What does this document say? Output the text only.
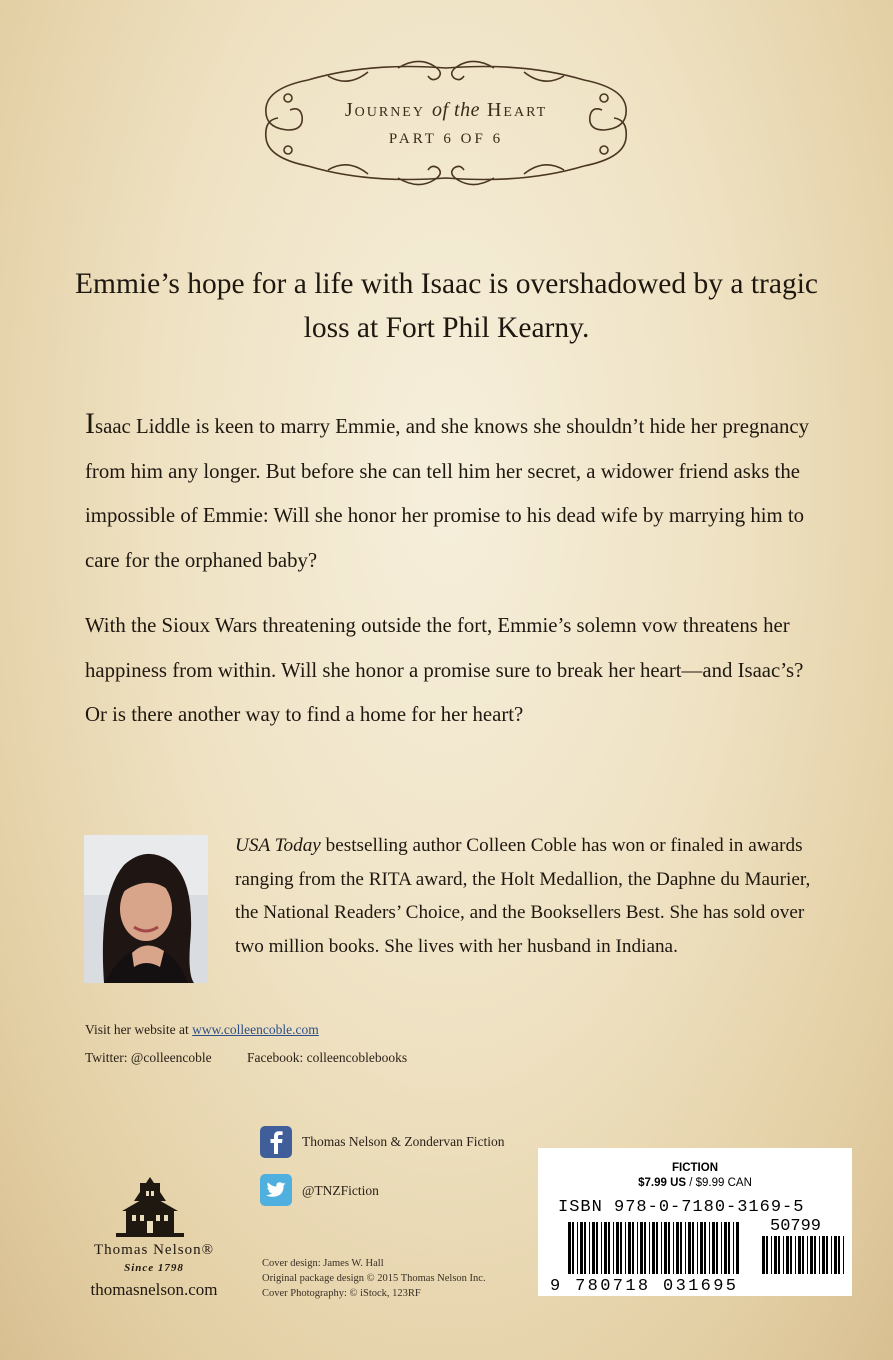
Journey of the Heart
PART 6 OF 6
Emmie’s hope for a life with Isaac is overshadowed by a tragic loss at Fort Phil Kearny.

Isaac Liddle is keen to marry Emmie, and she knows she shouldn’t hide her pregnancy from him any longer. But before she can tell him her secret, a widower friend asks the impossible of Emmie: Will she honor her promise to his dead wife by marrying him to care for the orphaned baby?

With the Sioux Wars threatening outside the fort, Emmie’s solemn vow threatens her happiness from within. Will she honor a promise sure to break her heart—and Isaac’s? Or is there another way to find a home for her heart?

USA Today bestselling author Colleen Coble has won or finaled in awards ranging from the RITA award, the Holt Medallion, the Daphne du Maurier, the National Readers’ Choice, and the Booksellers Best. She has sold over two million books. She lives with her husband in Indiana.

Visit her website at www.colleencoble.com
Twitter: @colleencoble	Facebook: colleencoblebooks
Thomas Nelson & Zondervan Fiction
@TNZFiction
Thomas Nelson®
Since 1798
thomasnelson.com
Cover design: James W. Hall
Original package design © 2015 Thomas Nelson Inc.
Cover Photography: © iStock, 123RF
FICTION
$7.99 US / $9.99 CAN
ISBN 978-0-7180-3169-5
50799
9 780718 031695
